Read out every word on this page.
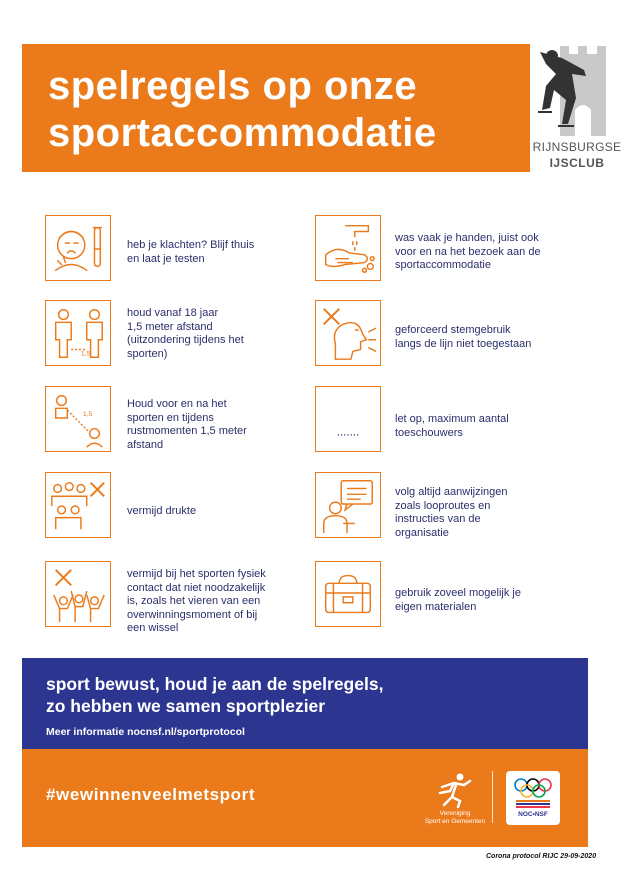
spelregels op onze
sportaccommodatie	RIJNSBURGSE
IJSCLUB
heb je klachten? Blijf thuis
en laat je testen
1,5
houd vanaf 18 jaar
1,5 meter afstand
(uitzondering tijdens het
sporten)
1,5
Houd voor en na het
sporten en tijdens
rustmomenten 1,5 meter
afstand
vermijd drukte
vermijd bij het sporten fysiek
contact dat niet noodzakelijk
is, zoals het vieren van een
overwinningsmoment of bij
een wissel
was vaak je handen, juist ook
voor en na het bezoek aan de
sportaccommodatie
geforceerd stemgebruik
langs de lijn niet toegestaan
.......
let op, maximum aantal
toeschouwers
volg altijd aanwijzingen
zoals looproutes en
instructies van de
organisatie
gebruik zoveel mogelijk je
eigen materialen
sport bewust, houd je aan de spelregels,
zo hebben we samen sportplezier
Meer informatie nocnsf.nl/sportprotocol
#wewinnenveelmetsport
Vereniging
Sport en Gemeenten
NOC•NSF
Corona protocol RIJC 29-09-2020
